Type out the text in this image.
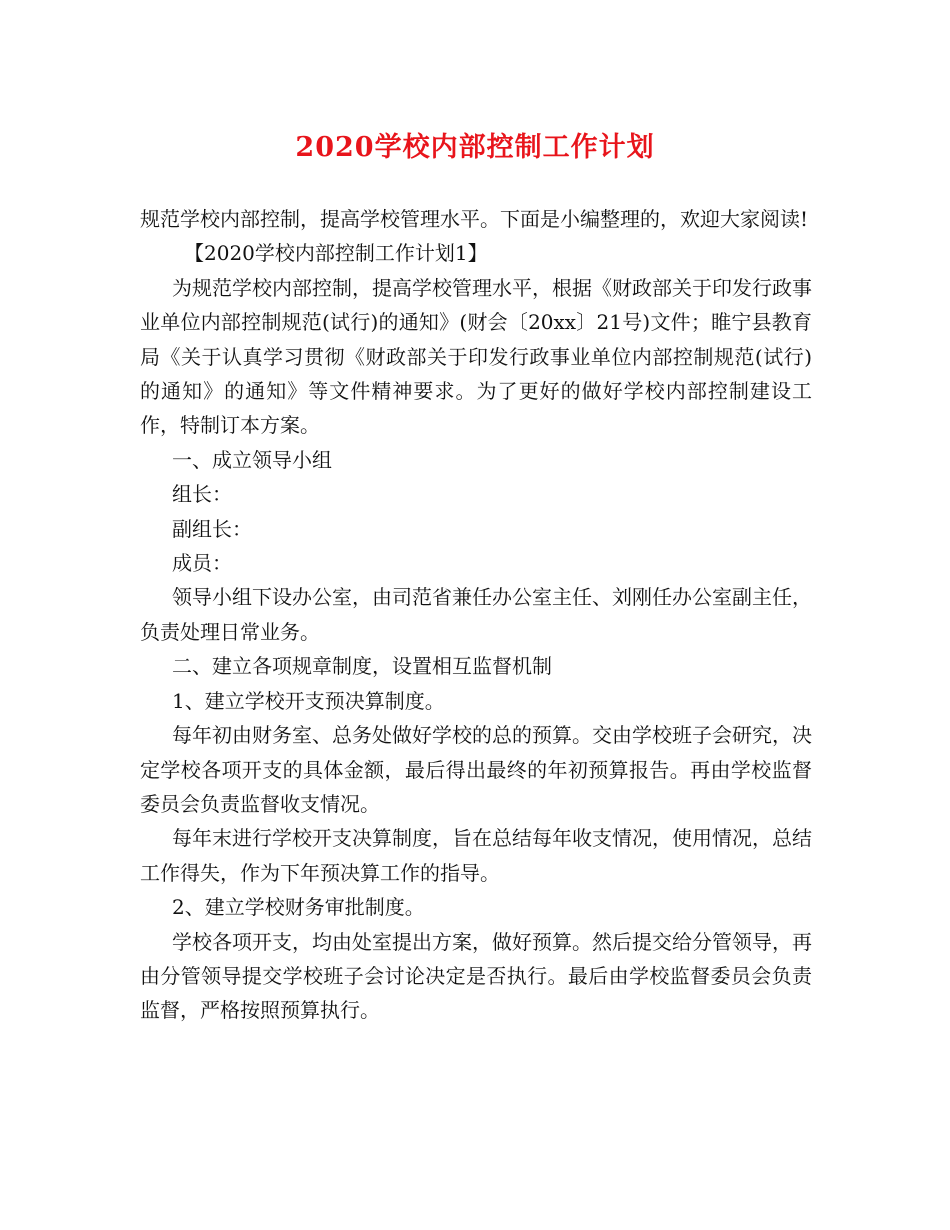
2020学校内部控制工作计划

规范学校内部控制，提高学校管理水平。下面是小编整理的，欢迎大家阅读!

【2020学校内部控制工作计划1】

为规范学校内部控制，提高学校管理水平，根据《财政部关于印发行政事业单位内部控制规范(试行)的通知》(财会〔20xx〕21号)文件；睢宁县教育局《关于认真学习贯彻《财政部关于印发行政事业单位内部控制规范(试行)的通知》的通知》等文件精神要求。为了更好的做好学校内部控制建设工作，特制订本方案。

一、成立领导小组

组长：

副组长：

成员：

领导小组下设办公室，由司范省兼任办公室主任、刘刚任办公室副主任，负责处理日常业务。

二、建立各项规章制度，设置相互监督机制

1、建立学校开支预决算制度。

每年初由财务室、总务处做好学校的总的预算。交由学校班子会研究，决定学校各项开支的具体金额，最后得出最终的年初预算报告。再由学校监督委员会负责监督收支情况。

每年末进行学校开支决算制度，旨在总结每年收支情况，使用情况，总结工作得失，作为下年预决算工作的指导。

2、建立学校财务审批制度。

学校各项开支，均由处室提出方案，做好预算。然后提交给分管领导，再由分管领导提交学校班子会讨论决定是否执行。最后由学校监督委员会负责监督，严格按照预算执行。
